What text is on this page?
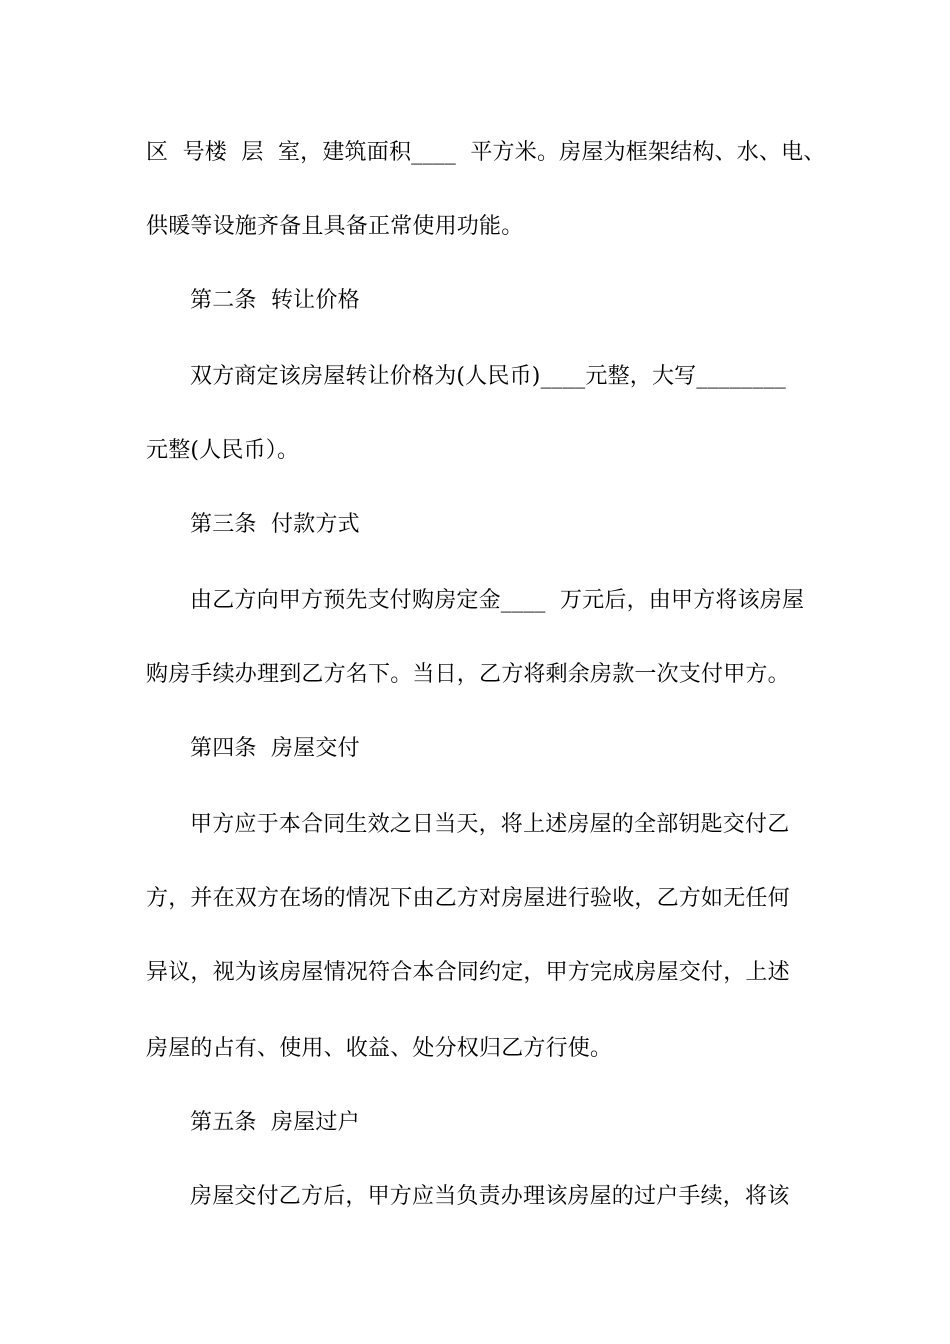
区  号楼  层  室，建筑面积____  平方米。房屋为框架结构、水、电、
供暖等设施齐备且具备正常使用功能。
第二条  转让价格
双方商定该房屋转让价格为(人民币)____元整，大写________
元整(人民币）。
第三条  付款方式
由乙方向甲方预先支付购房定金____  万元后，由甲方将该房屋
购房手续办理到乙方名下。当日，乙方将剩余房款一次支付甲方。
第四条  房屋交付
甲方应于本合同生效之日当天，将上述房屋的全部钥匙交付乙
方，并在双方在场的情况下由乙方对房屋进行验收，乙方如无任何
异议，视为该房屋情况符合本合同约定，甲方完成房屋交付，上述
房屋的占有、使用、收益、处分权归乙方行使。
第五条  房屋过户
房屋交付乙方后，甲方应当负责办理该房屋的过户手续，将该
